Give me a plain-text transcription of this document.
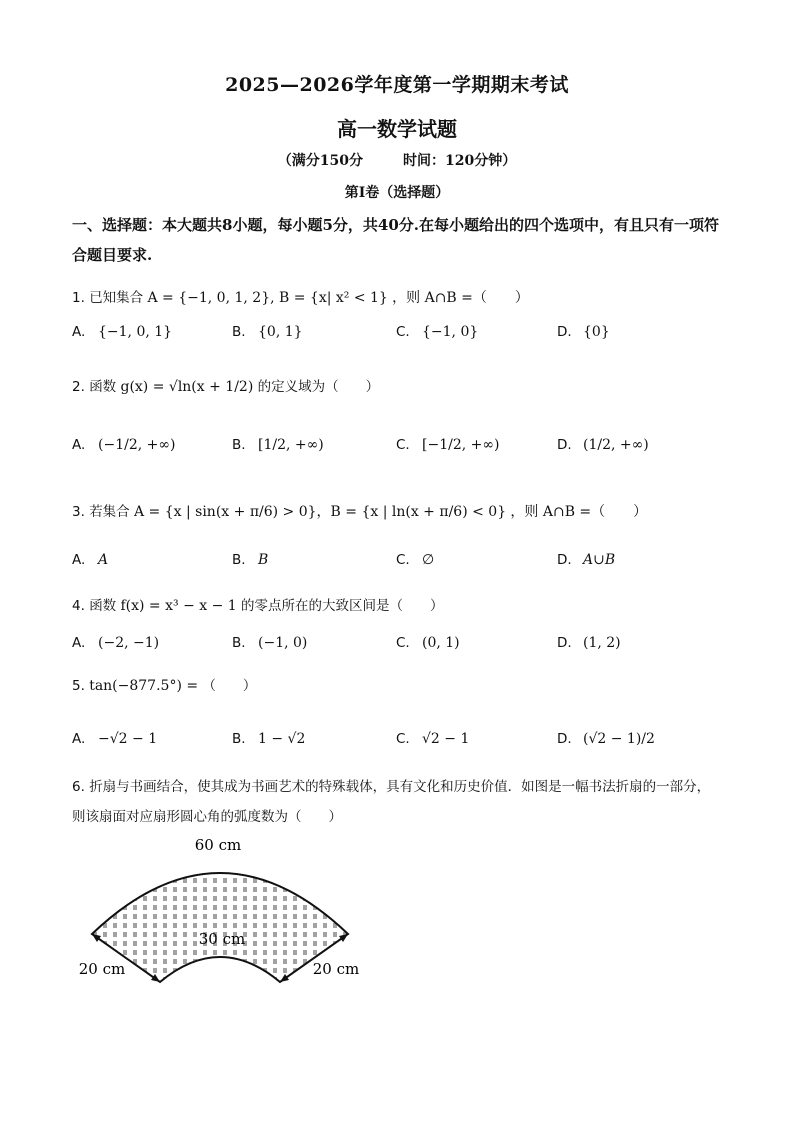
2025—2026学年度第一学期期末考试
高一数学试题
（满分150分	时间：120分钟）
第Ⅰ卷（选择题）
一、选择题：本大题共8小题，每小题5分，共40分.在每小题给出的四个选项中，有且只有一项符合题目要求.
1. 已知集合 A = {−1, 0, 1, 2}, B = {x| x² < 1} ，则 A∩B =（　　）
A. {−1, 0, 1}	B. {0, 1}	C. {−1, 0}	D. {0}
2. 函数 g(x) = √ln(x + 1/2) 的定义域为（　　）
A. (−1/2, +∞)	B. [1/2, +∞)	C. [−1/2, +∞)	D. (1/2, +∞)
3. 若集合 A = {x | sin(x + π/6) > 0}，B = {x | ln(x + π/6) < 0} ，则 A∩B =（　　）
A. A	B. B	C. ∅	D. A∪B
4. 函数 f(x) = x³ − x − 1 的零点所在的大致区间是（　　）
A. (−2, −1)	B. (−1, 0)	C. (0, 1)	D. (1, 2)
5. tan(−877.5°) = （　　）
A. −√2 − 1	B. 1 − √2	C. √2 − 1	D. (√2 − 1)/2
6. 折扇与书画结合，使其成为书画艺术的特殊载体，具有文化和历史价值．如图是一幅书法折扇的一部分，则该扇面对应扇形圆心角的弧度数为（　　）
60 cm
30 cm
20 cm	20 cm
